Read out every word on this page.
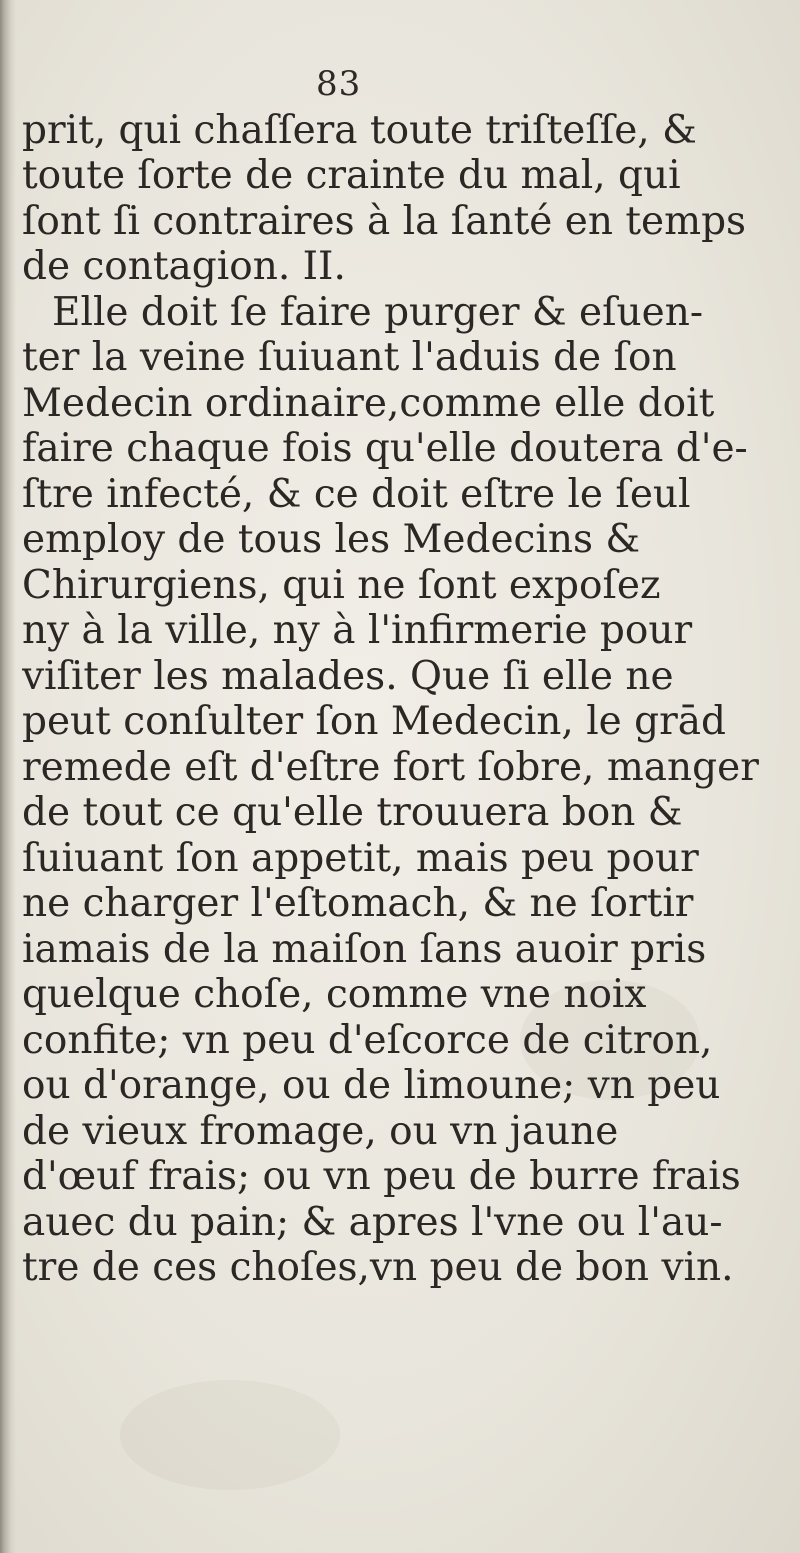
83
prit, qui chaſſera toute triſteſſe, &
toute ſorte de crainte du mal, qui
ſont ſi contraires à la ſanté en temps
de contagion. II.
Elle doit ſe faire purger & eſuen-
ter la veine ſuiuant l'aduis de ſon
Medecin ordinaire,comme elle doit
faire chaque fois qu'elle doutera d'e-
ſtre infecté, & ce doit eſtre le ſeul
employ de tous les Medecins &
Chirurgiens, qui ne ſont expoſez
ny à la ville, ny à l'infirmerie pour
viſiter les malades. Que ſi elle ne
peut conſulter ſon Medecin, le grād
remede eſt d'eſtre fort ſobre, manger
de tout ce qu'elle trouuera bon &
ſuiuant ſon appetit, mais peu pour
ne charger l'eſtomach, & ne ſortir
iamais de la maiſon ſans auoir pris
quelque choſe, comme vne noix
confite; vn peu d'eſcorce de citron,
ou d'orange, ou de limoune; vn peu
de vieux fromage, ou vn jaune
d'œuf frais; ou vn peu de burre frais
auec du pain; & apres l'vne ou l'au-
tre de ces choſes,vn peu de bon vin.
